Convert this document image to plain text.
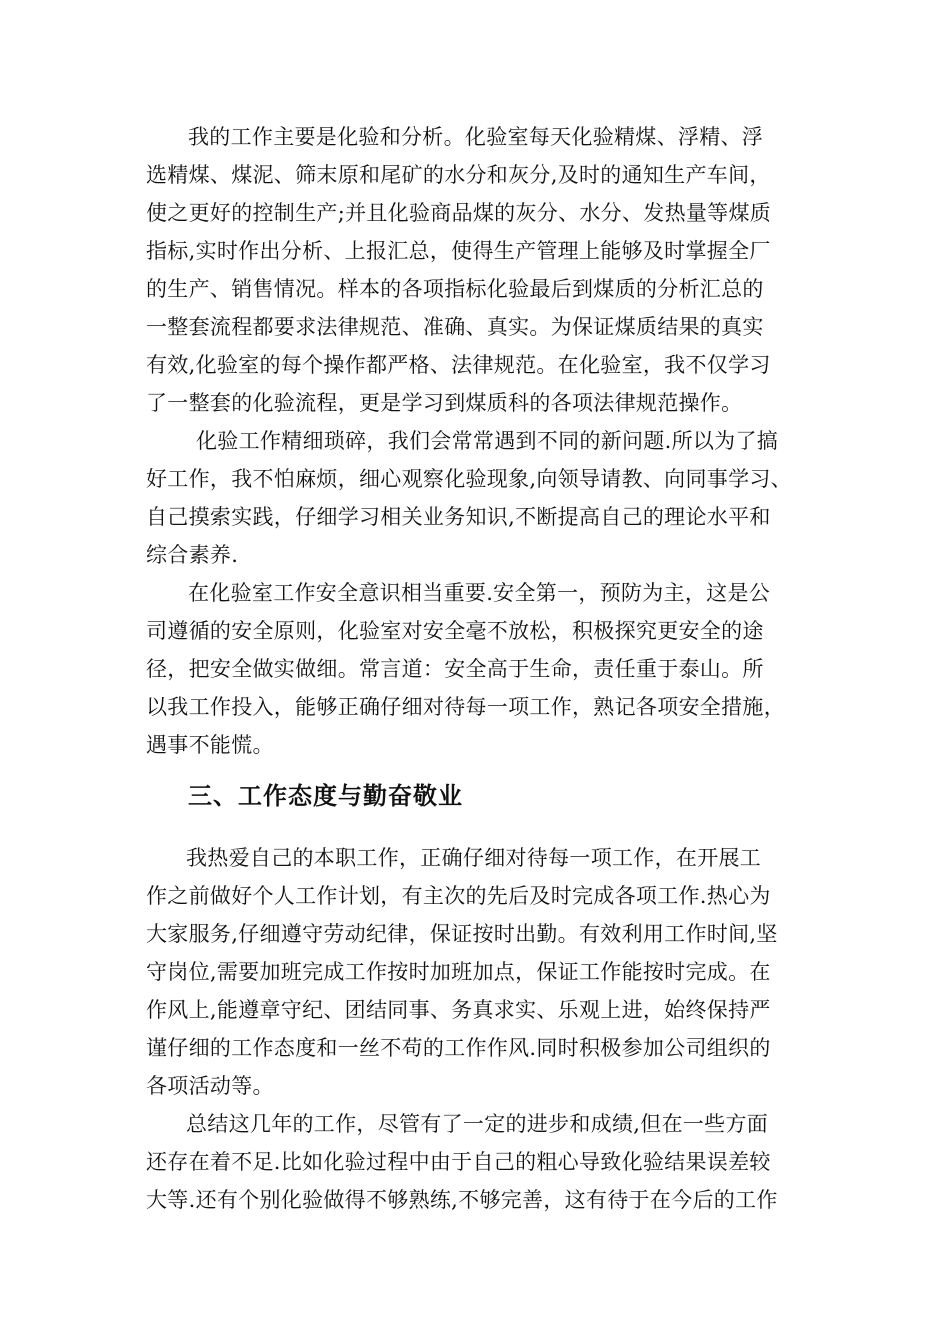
我的工作主要是化验和分析。化验室每天化验精煤、浮精、浮
选精煤、煤泥、筛末原和尾矿的水分和灰分,及时的通知生产车间，
使之更好的控制生产;并且化验商品煤的灰分、水分、发热量等煤质
指标,实时作出分析、上报汇总，使得生产管理上能够及时掌握全厂
的生产、销售情况。样本的各项指标化验最后到煤质的分析汇总的
一整套流程都要求法律规范、准确、真实。为保证煤质结果的真实
有效,化验室的每个操作都严格、法律规范。在化验室，我不仅学习
了一整套的化验流程，更是学习到煤质科的各项法律规范操作。
化验工作精细琐碎，我们会常常遇到不同的新问题.所以为了搞
好工作，我不怕麻烦，细心观察化验现象,向领导请教、向同事学习、
自己摸索实践，仔细学习相关业务知识,不断提高自己的理论水平和
综合素养.
在化验室工作安全意识相当重要.安全第一，预防为主，这是公
司遵循的安全原则，化验室对安全毫不放松，积极探究更安全的途
径，把安全做实做细。常言道：安全高于生命，责任重于泰山。所
以我工作投入，能够正确仔细对待每一项工作，熟记各项安全措施，
遇事不能慌。
三、工作态度与勤奋敬业
我热爱自己的本职工作，正确仔细对待每一项工作，在开展工
作之前做好个人工作计划，有主次的先后及时完成各项工作.热心为
大家服务,仔细遵守劳动纪律，保证按时出勤。有效利用工作时间,坚
守岗位,需要加班完成工作按时加班加点，保证工作能按时完成。在
作风上,能遵章守纪、团结同事、务真求实、乐观上进，始终保持严
谨仔细的工作态度和一丝不苟的工作作风.同时积极参加公司组织的
各项活动等。
总结这几年的工作，尽管有了一定的进步和成绩,但在一些方面
还存在着不足.比如化验过程中由于自己的粗心导致化验结果误差较
大等.还有个别化验做得不够熟练,不够完善，这有待于在今后的工作
